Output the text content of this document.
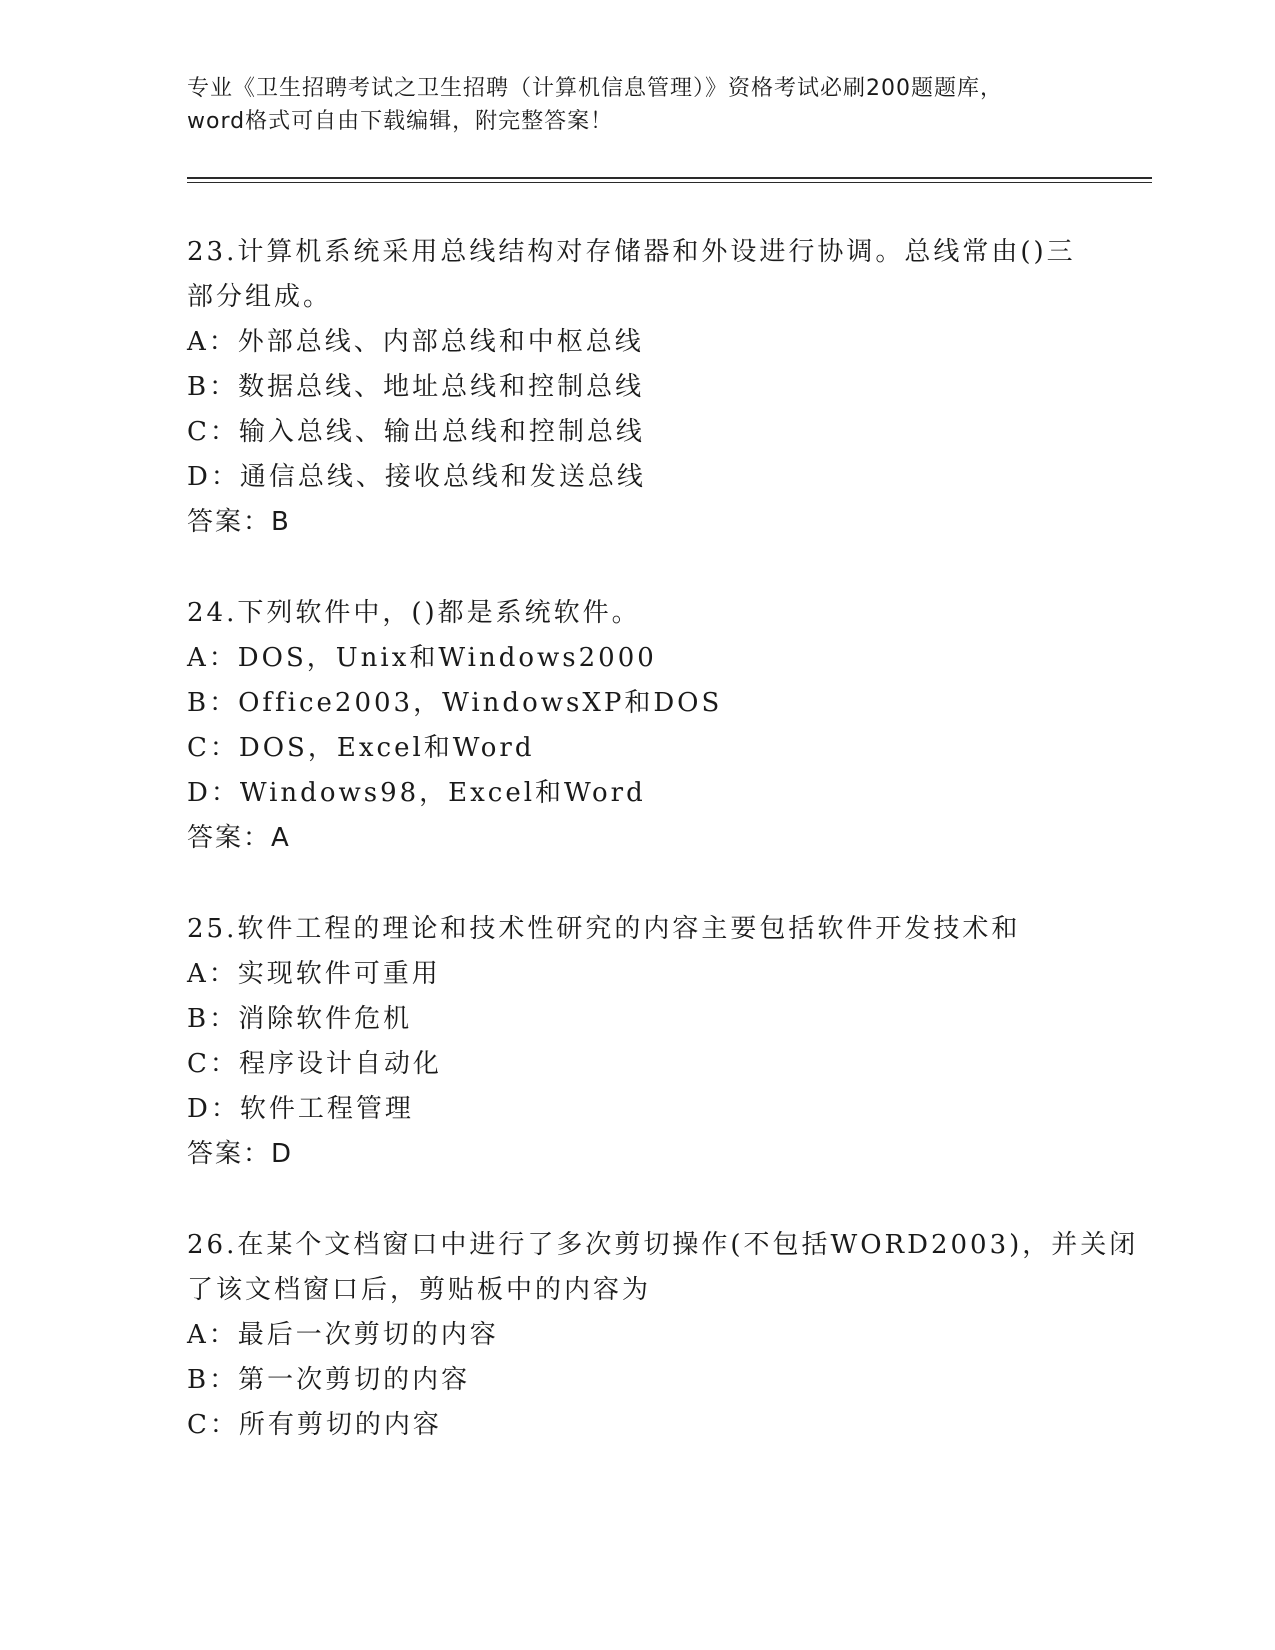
专业《卫生招聘考试之卫生招聘（计算机信息管理）》资格考试必刷200题题库，
word格式可自由下载编辑，附完整答案！
23.计算机系统采用总线结构对存储器和外设进行协调。总线常由()三
部分组成。
A：外部总线、内部总线和中枢总线
B：数据总线、地址总线和控制总线
C：输入总线、输出总线和控制总线
D：通信总线、接收总线和发送总线
答案：B
24.下列软件中，()都是系统软件。
A：DOS，Unix和Windows2000
B：Office2003，WindowsXP和DOS
C：DOS，Excel和Word
D：Windows98，Excel和Word
答案：A
25.软件工程的理论和技术性研究的内容主要包括软件开发技术和
A：实现软件可重用
B：消除软件危机
C：程序设计自动化
D：软件工程管理
答案：D
26.在某个文档窗口中进行了多次剪切操作(不包括WORD2003)，并关闭
了该文档窗口后，剪贴板中的内容为
A：最后一次剪切的内容
B：第一次剪切的内容
C：所有剪切的内容
